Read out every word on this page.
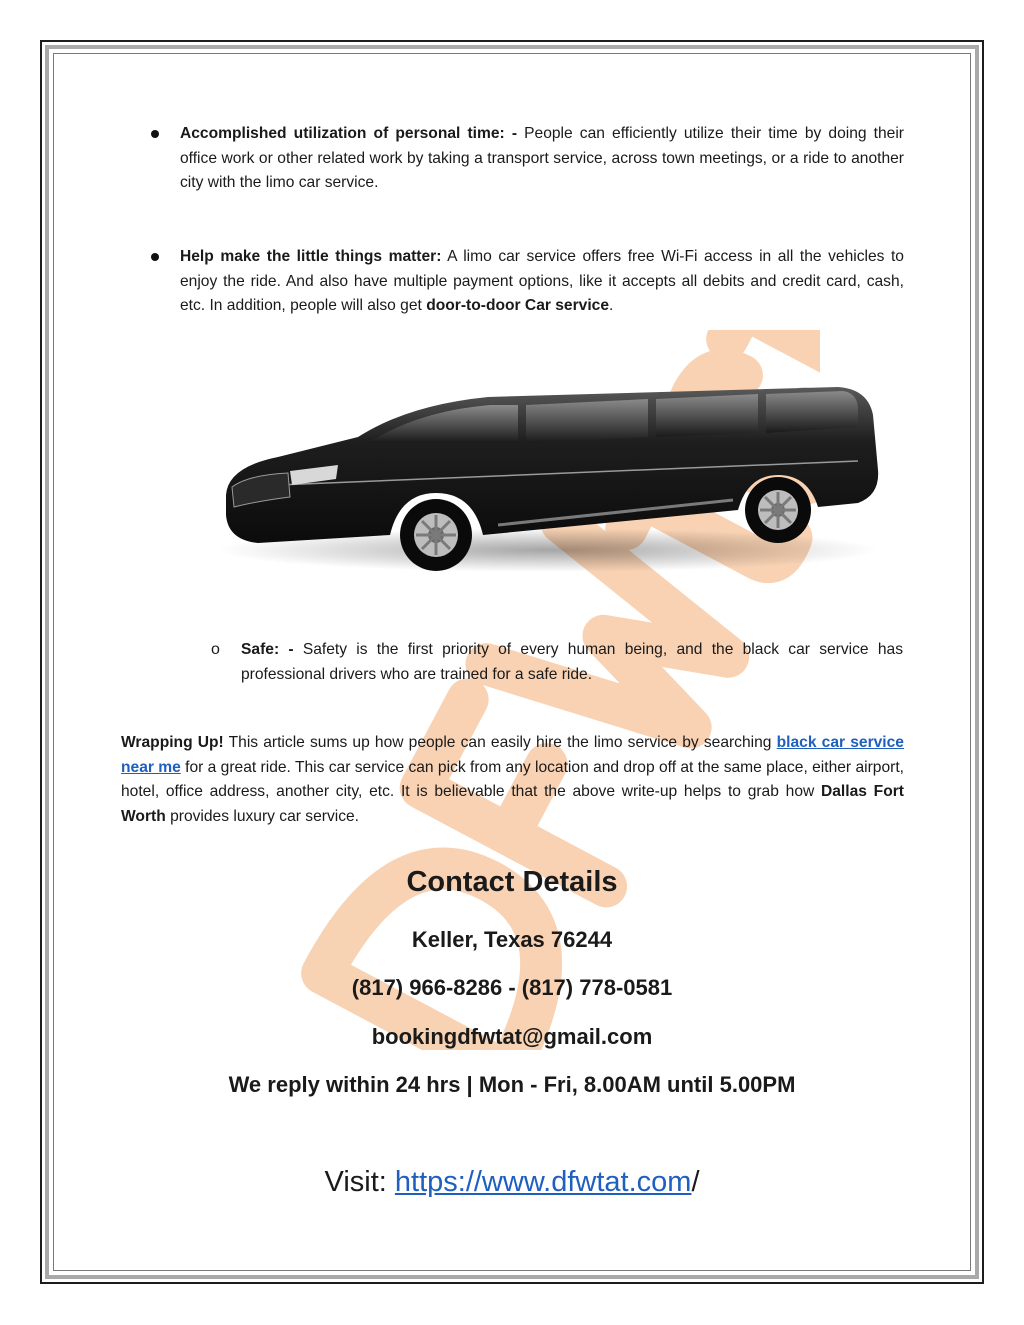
Accomplished utilization of personal time: - People can efficiently utilize their time by doing their office work or other related work by taking a transport service, across town meetings, or a ride to another city with the limo car service.
Help make the little things matter: A limo car service offers free Wi-Fi access in all the vehicles to enjoy the ride. And also have multiple payment options, like it accepts all debits and credit card, cash, etc. In addition, people will also get door-to-door Car service.
o Safe: - Safety is the first priority of every human being, and the black car service has professional drivers who are trained for a safe ride.
Wrapping Up! This article sums up how people can easily hire the limo service by searching black car service near me for a great ride. This car service can pick from any location and drop off at the same place, either airport, hotel, office address, another city, etc. It is believable that the above write-up helps to grab how Dallas Fort Worth provides luxury car service.
Contact Details
Keller, Texas 76244
(817) 966-8286 - (817) 778-0581
bookingdfwtat@gmail.com
We reply within 24 hrs | Mon - Fri, 8.00AM until 5.00PM
Visit: https://www.dfwtat.com/
